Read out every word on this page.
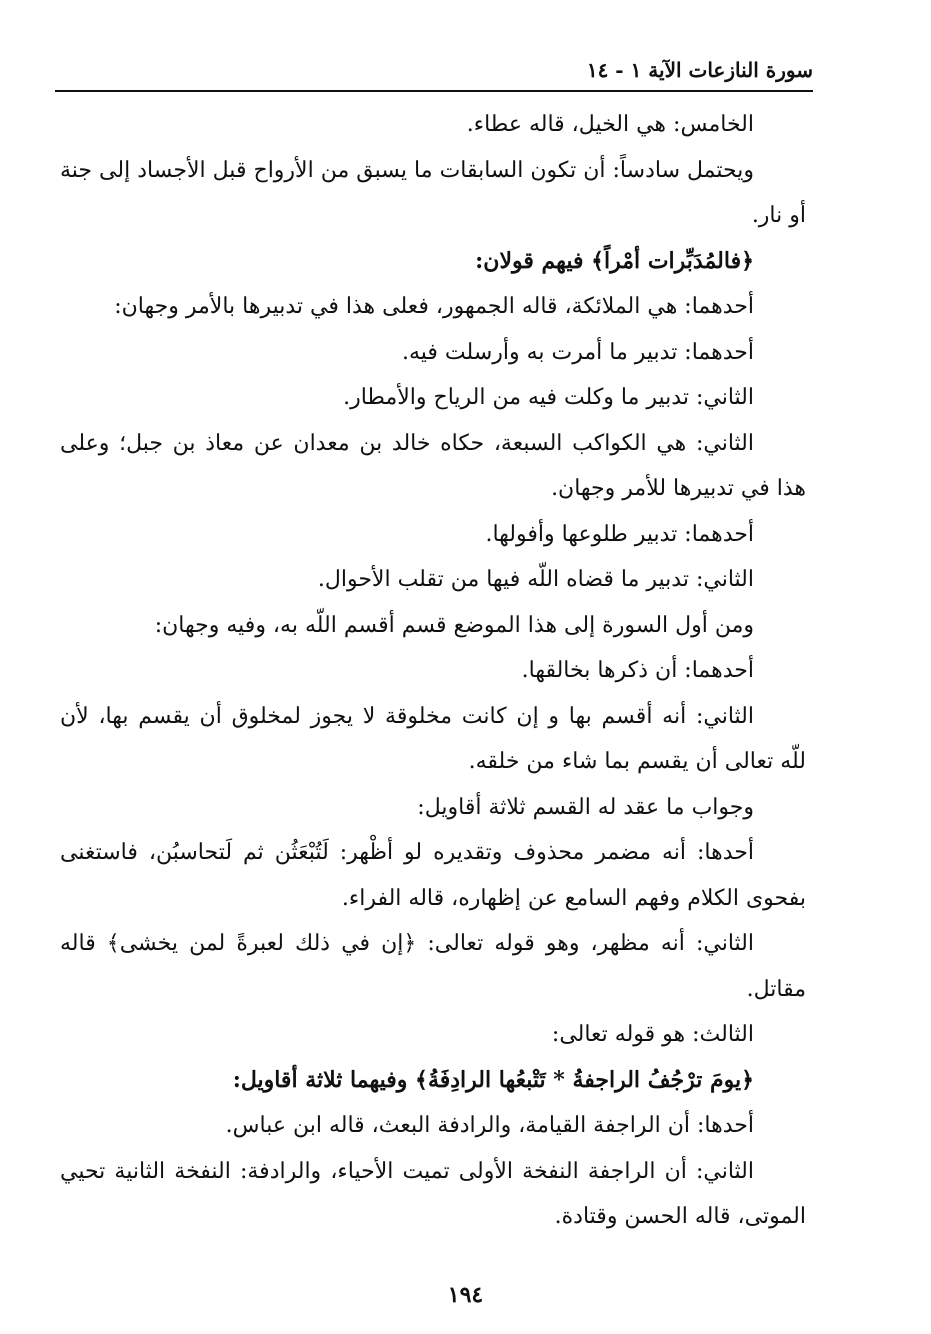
سورة النازعات الآية ١ - ١٤
الخامس: هي الخيل، قاله عطاء.
ويحتمل سادساً: أن تكون السابقات ما يسبق من الأرواح قبل الأجساد إلى جنة
أو نار.
﴿فالمُدَبِّرات أمْراً﴾ فيهم قولان:
أحدهما: هي الملائكة، قاله الجمهور، فعلى هذا في تدبيرها بالأمر وجهان:
أحدهما: تدبير ما أمرت به وأرسلت فيه.
الثاني: تدبير ما وكلت فيه من الرياح والأمطار.
الثاني: هي الكواكب السبعة، حكاه خالد بن معدان عن معاذ بن جبل؛ وعلى
هذا في تدبيرها للأمر وجهان.
أحدهما: تدبير طلوعها وأفولها.
الثاني: تدبير ما قضاه اللّه فيها من تقلب الأحوال.
ومن أول السورة إلى هذا الموضع قسم أقسم اللّه به، وفيه وجهان:
أحدهما: أن ذكرها بخالقها.
الثاني: أنه أقسم بها و إن كانت مخلوقة لا يجوز لمخلوق أن يقسم بها، لأن
للّه تعالى أن يقسم بما شاء من خلقه.
وجواب ما عقد له القسم ثلاثة أقاويل:
أحدها: أنه مضمر محذوف وتقديره لو أظْهر: لَتُبْعَثُن ثم لَتحاسبُن، فاستغنى
بفحوى الكلام وفهم السامع عن إظهاره، قاله الفراء.
الثاني: أنه مظهر، وهو قوله تعالى: ﴿إن في ذلك لعبرةً لمن يخشى﴾ قاله
مقاتل.
الثالث: هو قوله تعالى:
﴿يومَ ترْجُفُ الراجفةُ * تَتْبعُها الرادِفَةُ﴾ وفيهما ثلاثة أقاويل:
أحدها: أن الراجفة القيامة، والرادفة البعث، قاله ابن عباس.
الثاني: أن الراجفة النفخة الأولى تميت الأحياء، والرادفة: النفخة الثانية تحيي
الموتى، قاله الحسن وقتادة.
١٩٤
